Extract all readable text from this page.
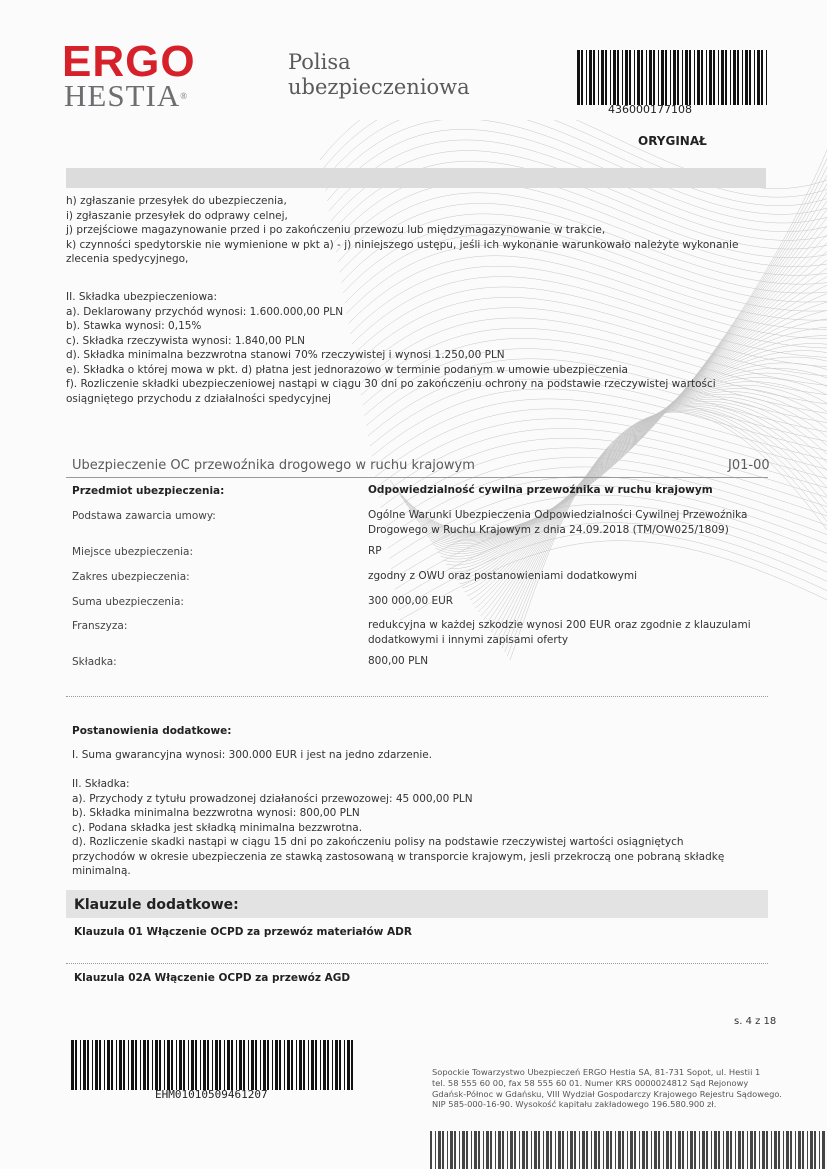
ERGO
HESTIA®
Polisa ubezpieczeniowa
436000177108
ORYGINAŁ
h) zgłaszanie przesyłek do ubezpieczenia,
i) zgłaszanie przesyłek do odprawy celnej,
j) przejściowe magazynowanie przed i po zakończeniu przewozu lub międzymagazynowanie w trakcie,
k) czynności spedytorskie nie wymienione w pkt a) - j) niniejszego ustępu, jeśli ich wykonanie warunkowało należyte wykonanie zlecenia spedycyjnego,
II. Składka ubezpieczeniowa:
a). Deklarowany przychód wynosi: 1.600.000,00 PLN
b). Stawka wynosi: 0,15%
c). Składka rzeczywista wynosi: 1.840,00 PLN
d). Składka minimalna bezzwrotna stanowi 70% rzeczywistej i wynosi 1.250,00 PLN
e). Składka o której mowa w pkt. d) płatna jest jednorazowo w terminie podanym w umowie ubezpieczenia
f). Rozliczenie składki ubezpieczeniowej nastąpi w ciągu 30 dni po zakończeniu ochrony na podstawie rzeczywistej wartości osiągniętego przychodu z działalności spedycyjnej
Ubezpieczenie OC przewoźnika drogowego w ruchu krajowym	J01-00
Przedmiot ubezpieczenia:	Odpowiedzialność cywilna przewoźnika w ruchu krajowym
Podstawa zawarcia umowy:	Ogólne Warunki Ubezpieczenia Odpowiedzialności Cywilnej Przewoźnika Drogowego w Ruchu Krajowym z dnia 24.09.2018 (TM/OW025/1809)
Miejsce ubezpieczenia:	RP
Zakres ubezpieczenia:	zgodny z OWU oraz postanowieniami dodatkowymi
Suma ubezpieczenia:	300 000,00 EUR
Franszyza:	redukcyjna w każdej szkodzie wynosi 200 EUR oraz zgodnie z klauzulami dodatkowymi i innymi zapisami oferty
Składka:	800,00 PLN
Postanowienia dodatkowe:
I. Suma gwarancyjna wynosi: 300.000 EUR i jest na jedno zdarzenie.
II. Składka:
a). Przychody z tytułu prowadzonej działaności przewozowej: 45 000,00 PLN
b). Składka minimalna bezzwrotna wynosi: 800,00 PLN
c). Podana składka jest składką minimalna bezzwrotna.
d). Rozliczenie skadki nastąpi w ciągu 15 dni po zakończeniu polisy na podstawie rzeczywistej wartości osiągniętych przychodów w okresie ubezpieczenia ze stawką zastosowaną w transporcie krajowym, jesli przekroczą one pobraną składkę minimalną.
Klauzule dodatkowe:
Klauzula 01 Włączenie OCPD za przewóz materiałów ADR
Klauzula 02A Włączenie OCPD za przewóz AGD
s. 4 z 18
EHM01010509461207
Sopockie Towarzystwo Ubezpieczeń ERGO Hestia SA, 81-731 Sopot, ul. Hestii 1
tel. 58 555 60 00, fax 58 555 60 01. Numer KRS 0000024812 Sąd Rejonowy
Gdańsk-Północ w Gdańsku, VIII Wydział Gospodarczy Krajowego Rejestru Sądowego.
NIP 585-000-16-90. Wysokość kapitału zakładowego 196.580.900 zł.
